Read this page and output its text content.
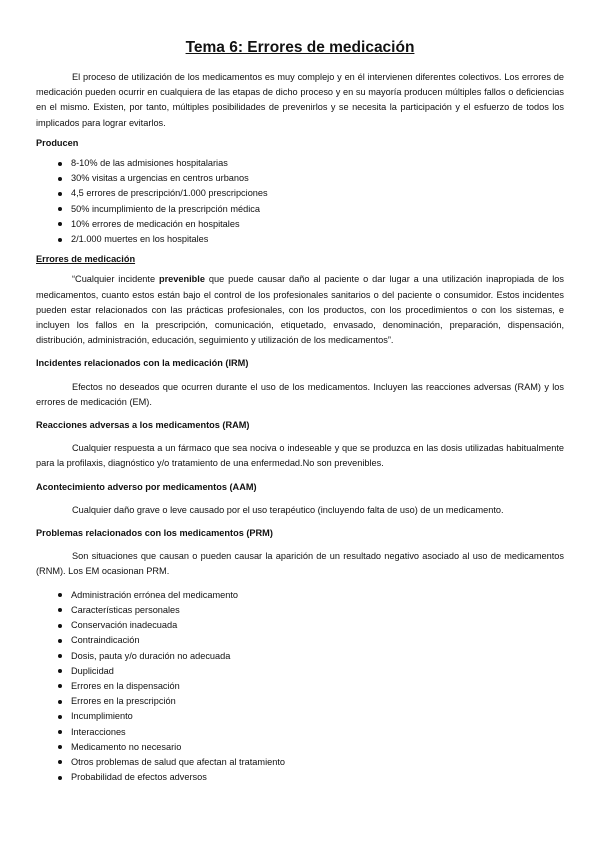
Tema 6: Errores de medicación

El proceso de utilización de los medicamentos es muy complejo y en él intervienen diferentes colectivos. Los errores de medicación pueden ocurrir en cualquiera de las etapas de dicho proceso y en su mayoría producen múltiples fallos o deficiencias en el mismo. Existen, por tanto, múltiples posibilidades de prevenirlos y se necesita la participación y el esfuerzo de todos los implicados para lograr evitarlos.

Producen
8-10% de las admisiones hospitalarias
30% visitas a urgencias en centros urbanos
4,5 errores de prescripción/1.000 prescripciones
50% incumplimiento de la prescripción médica
10% errores de medicación en hospitales
2/1.000 muertes en los hospitales
Errores de medicación

“Cualquier incidente prevenible que puede causar daño al paciente o dar lugar a una utilización inapropiada de los medicamentos, cuanto estos están bajo el control de los profesionales sanitarios o del paciente o consumidor. Estos incidentes pueden estar relacionados con las prácticas profesionales, con los productos, con los procedimientos o con los sistemas, e incluyen los fallos en la prescripción, comunicación, etiquetado, envasado, denominación, preparación, dispensación, distribución, administración, educación, seguimiento y utilización de los medicamentos”.

Incidentes relacionados con la medicación (IRM)

Efectos no deseados que ocurren durante el uso de los medicamentos. Incluyen las reacciones adversas (RAM) y los errores de medicación (EM).

Reacciones adversas a los medicamentos (RAM)

Cualquier respuesta a un fármaco que sea nociva o indeseable y que se produzca en las dosis utilizadas habitualmente para la profilaxis, diagnóstico y/o tratamiento de una enfermedad.No son prevenibles.

Acontecimiento adverso por medicamentos (AAM)

Cualquier daño grave o leve causado por el uso terapéutico (incluyendo falta de uso) de un medicamento.

Problemas relacionados con los medicamentos (PRM)

Son situaciones que causan o pueden causar la aparición de un resultado negativo asociado al uso de medicamentos (RNM). Los EM ocasionan PRM.

Administración errónea del medicamento
Características personales
Conservación inadecuada
Contraindicación
Dosis, pauta y/o duración no adecuada
Duplicidad
Errores en la dispensación
Errores en la prescripción
Incumplimiento
Interacciones
Medicamento no necesario
Otros problemas de salud que afectan al tratamiento
Probabilidad de efectos adversos
